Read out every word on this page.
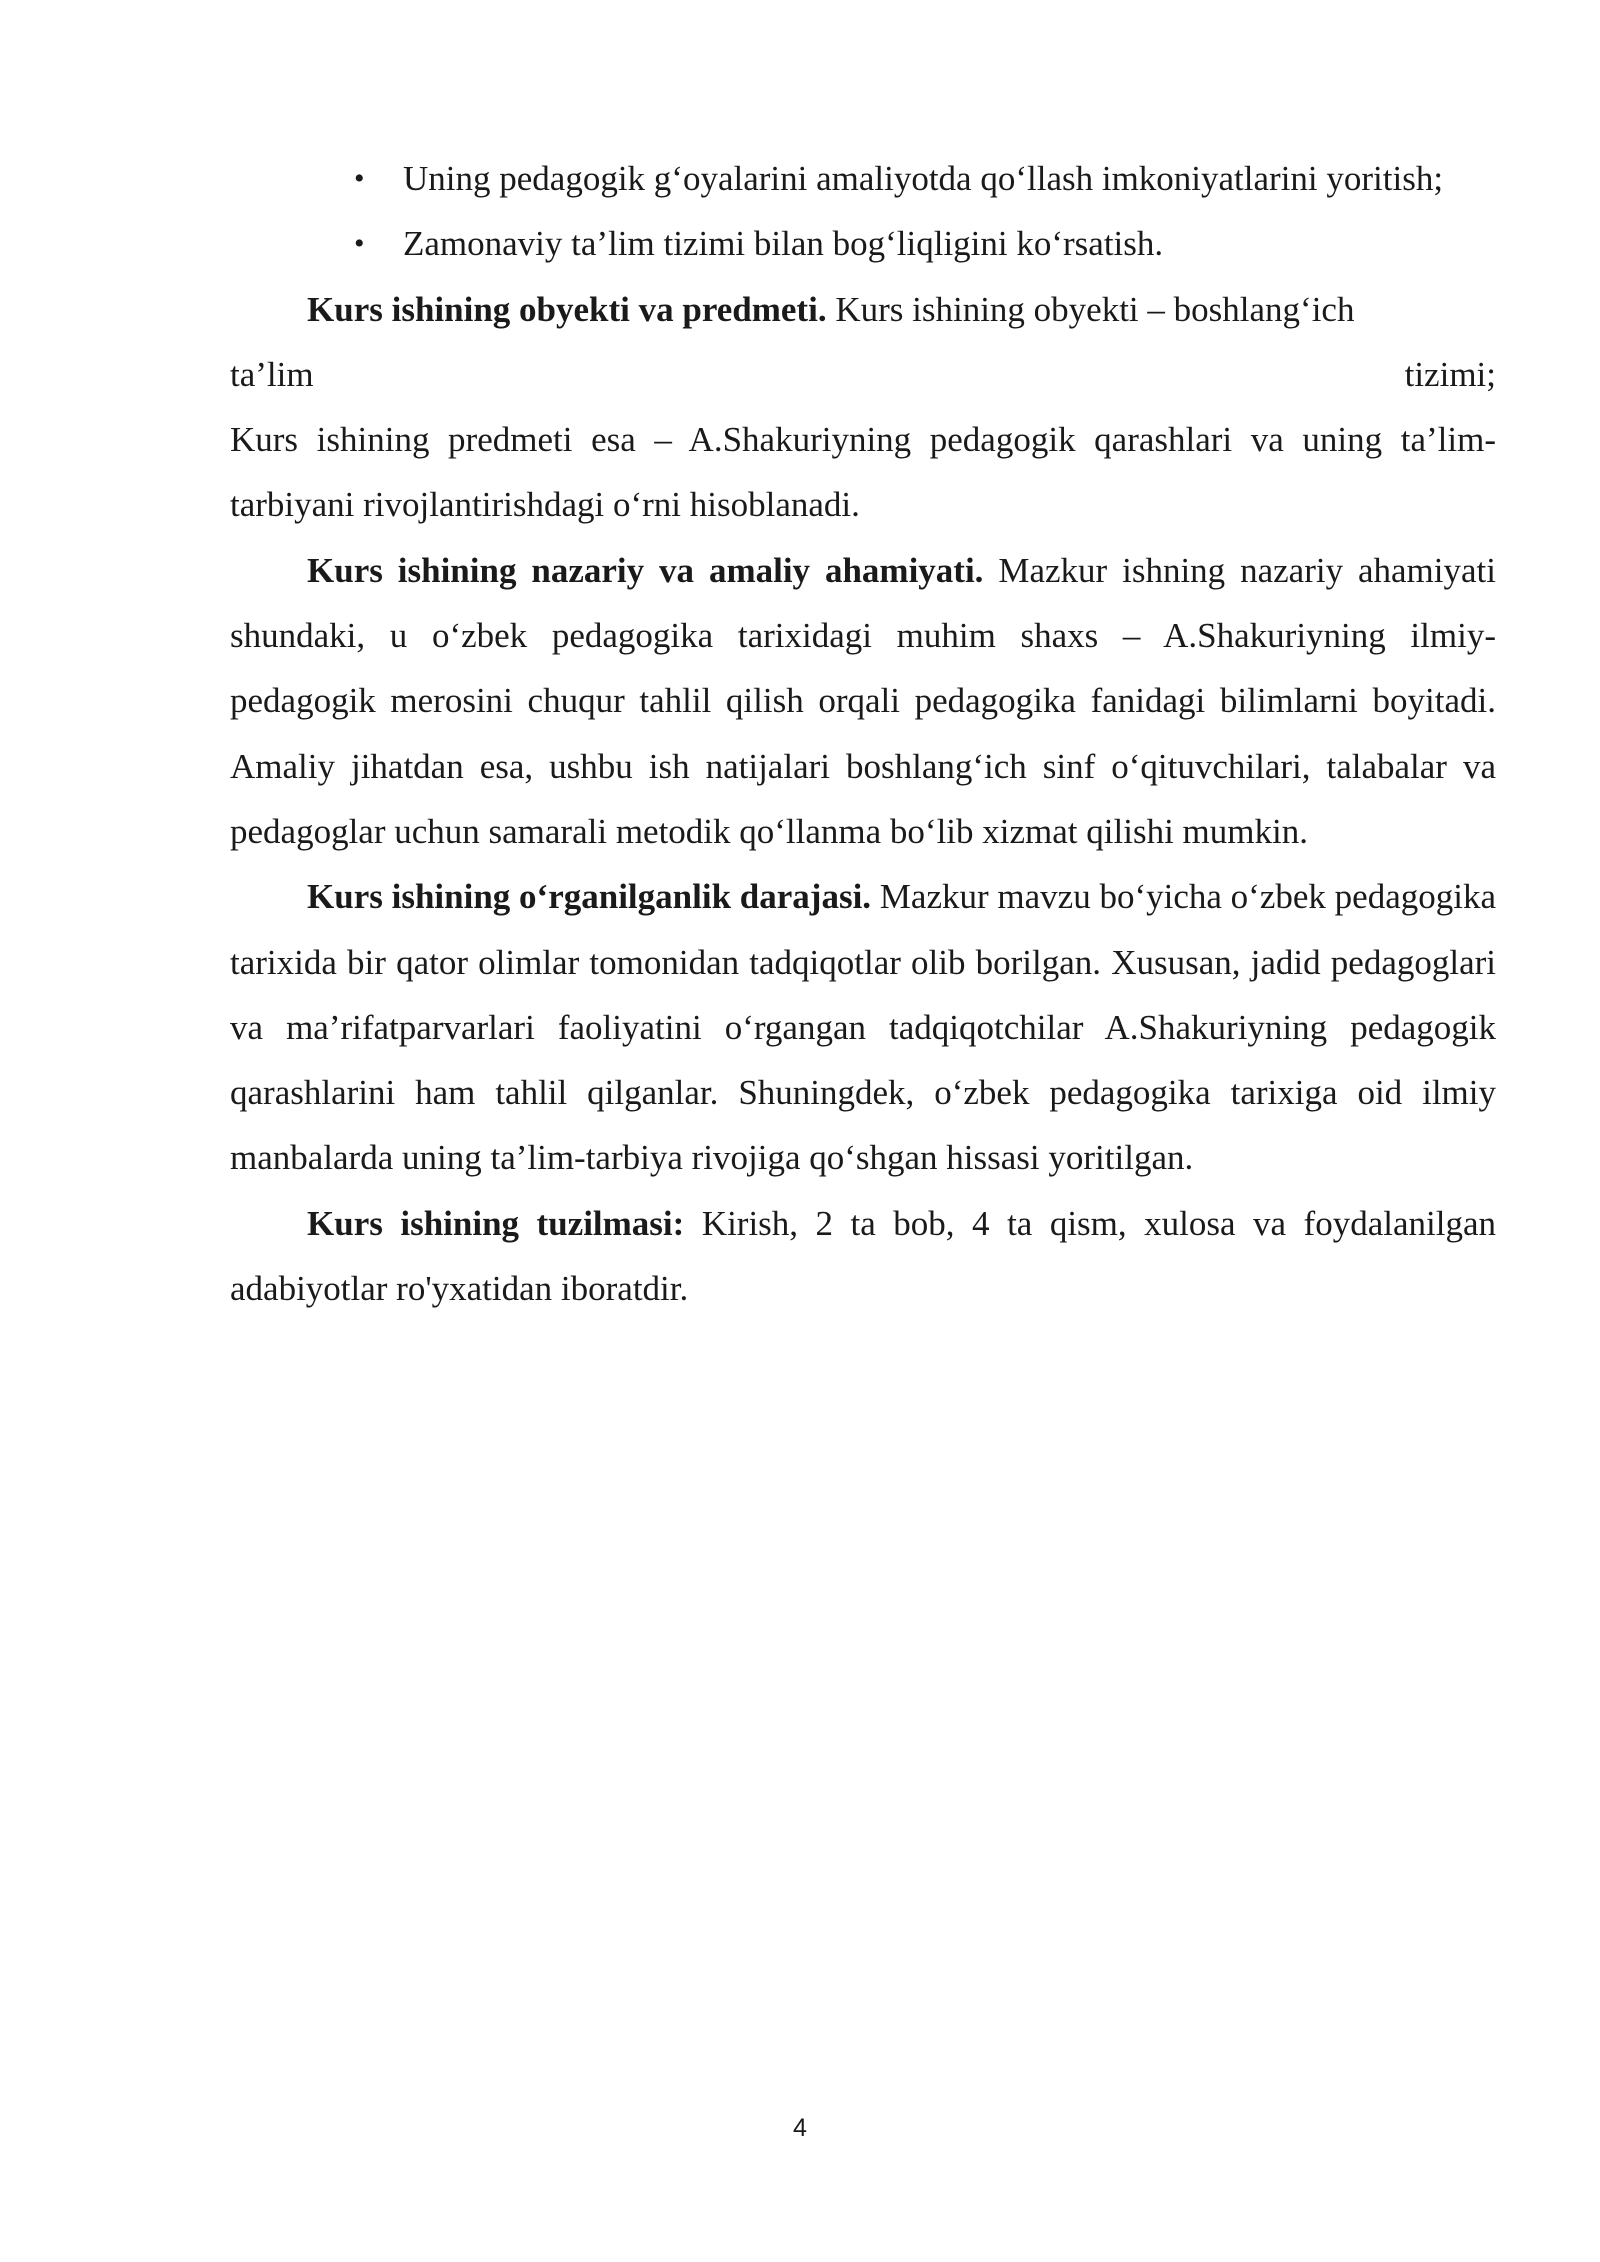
• Uning pedagogik g‘oyalarini amaliyotda qo‘llash imkoniyatlarini yoritish;
• Zamonaviy ta’lim tizimi bilan bog‘liqligini ko‘rsatish.

Kurs ishining obyekti va predmeti. Kurs ishining obyekti – boshlang‘ich

ta’lim	tizimi;

Kurs ishining predmeti esa – A.Shakuriyning pedagogik qarashlari va uning ta’lim-tarbiyani rivojlantirishdagi o‘rni hisoblanadi.

Kurs ishining nazariy va amaliy ahamiyati. Mazkur ishning nazariy ahamiyati shundaki, u o‘zbek pedagogika tarixidagi muhim shaxs – A.Shakuriyning ilmiy-pedagogik merosini chuqur tahlil qilish orqali pedagogika fanidagi bilimlarni boyitadi. Amaliy jihatdan esa, ushbu ish natijalari boshlang‘ich sinf o‘qituvchilari, talabalar va pedagoglar uchun samarali metodik qo‘llanma bo‘lib xizmat qilishi mumkin.

Kurs ishining o‘rganilganlik darajasi. Mazkur mavzu bo‘yicha o‘zbek pedagogika tarixida bir qator olimlar tomonidan tadqiqotlar olib borilgan. Xususan, jadid pedagoglari va ma’rifatparvarlari faoliyatini o‘rgangan tadqiqotchilar A.Shakuriyning pedagogik qarashlarini ham tahlil qilganlar. Shuningdek, o‘zbek pedagogika tarixiga oid ilmiy manbalarda uning ta’lim-tarbiya rivojiga qo‘shgan hissasi yoritilgan.

Kurs ishining tuzilmasi: Kirish, 2 ta bob, 4 ta qism, xulosa va foydalanilgan adabiyotlar ro'yxatidan iboratdir.

4
